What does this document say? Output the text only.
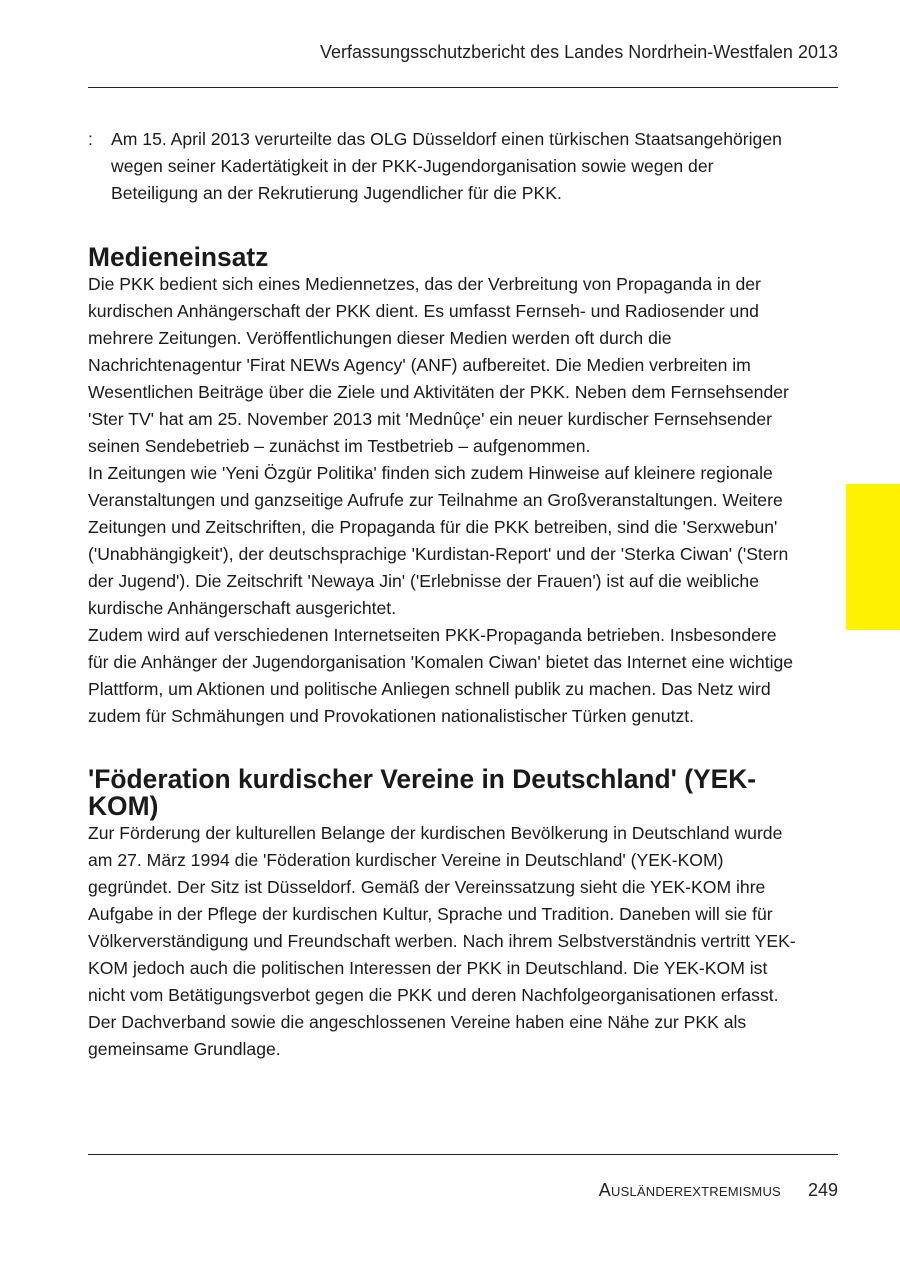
Verfassungsschutzbericht des Landes Nordrhein-Westfalen 2013
: Am 15. April 2013 verurteilte das OLG Düsseldorf einen türkischen Staatsangehörigen wegen seiner Kadertätigkeit in der PKK-Jugendorganisation sowie wegen der Beteiligung an der Rekrutierung Jugendlicher für die PKK.
Medieneinsatz

Die PKK bedient sich eines Mediennetzes, das der Verbreitung von Propaganda in der kurdischen Anhängerschaft der PKK dient. Es umfasst Fernseh- und Radiosender und mehrere Zeitungen. Veröffentlichungen dieser Medien werden oft durch die Nachrichtenagentur 'Firat NEWs Agency' (ANF) aufbereitet. Die Medien verbreiten im Wesentlichen Beiträge über die Ziele und Aktivitäten der PKK. Neben dem Fernsehsender 'Ster TV' hat am 25. November 2013 mit 'Mednûçe' ein neuer kurdischer Fernsehsender seinen Sendebetrieb – zunächst im Testbetrieb – aufgenommen.

In Zeitungen wie 'Yeni Özgür Politika' finden sich zudem Hinweise auf kleinere regionale Veranstaltungen und ganzseitige Aufrufe zur Teilnahme an Großveranstaltungen. Weitere Zeitungen und Zeitschriften, die Propaganda für die PKK betreiben, sind die 'Serxwebun' ('Unabhängigkeit'), der deutschsprachige 'Kurdistan-Report' und der 'Sterka Ciwan' ('Stern der Jugend'). Die Zeitschrift 'Newaya Jin' ('Erlebnisse der Frauen') ist auf die weibliche kurdische Anhängerschaft ausgerichtet.

Zudem wird auf verschiedenen Internetseiten PKK-Propaganda betrieben. Insbesondere für die Anhänger der Jugendorganisation 'Komalen Ciwan' bietet das Internet eine wichtige Plattform, um Aktionen und politische Anliegen schnell publik zu machen. Das Netz wird zudem für Schmähungen und Provokationen nationalistischer Türken genutzt.

'Föderation kurdischer Vereine in Deutschland' (YEK-KOM)

Zur Förderung der kulturellen Belange der kurdischen Bevölkerung in Deutschland wurde am 27. März 1994 die 'Föderation kurdischer Vereine in Deutschland' (YEK-KOM) gegründet. Der Sitz ist Düsseldorf. Gemäß der Vereinssatzung sieht die YEK-KOM ihre Aufgabe in der Pflege der kurdischen Kultur, Sprache und Tradition. Daneben will sie für Völkerverständigung und Freundschaft werben. Nach ihrem Selbstverständnis vertritt YEK-KOM jedoch auch die politischen Interessen der PKK in Deutschland. Die YEK-KOM ist nicht vom Betätigungsverbot gegen die PKK und deren Nachfolgeorganisationen erfasst. Der Dachverband sowie die angeschlossenen Vereine haben eine Nähe zur PKK als gemeinsame Grundlage.

Ausländerextremismus 249
